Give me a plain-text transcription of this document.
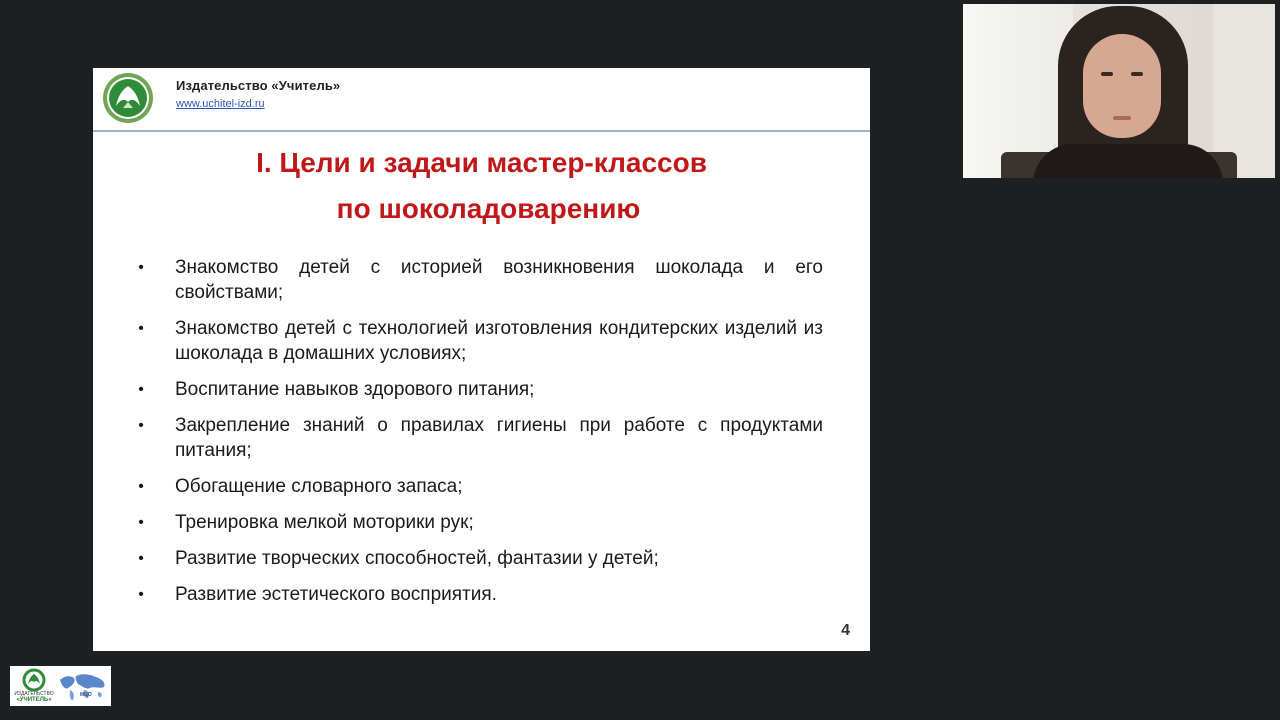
Издательство «Учитель»
www.uchitel-izd.ru
I. Цели и задачи мастер-классов
по шоколадоварению
• Знакомство детей с историей возникновения шоколада и его свойствами;
• Знакомство детей с технологией изготовления кондитерских изделий из шоколада в домашних условиях;
• Воспитание навыков здорового питания;
• Закрепление знаний о правилах гигиены при работе с продуктами питания;
• Обогащение словарного запаса;
• Тренировка мелкой моторики рук;
• Развитие творческих способностей, фантазии у детей;
• Развитие эстетического восприятия.
4
ИЗДАТЕЛЬСТВО
«УЧИТЕЛЬ»
МЦО
